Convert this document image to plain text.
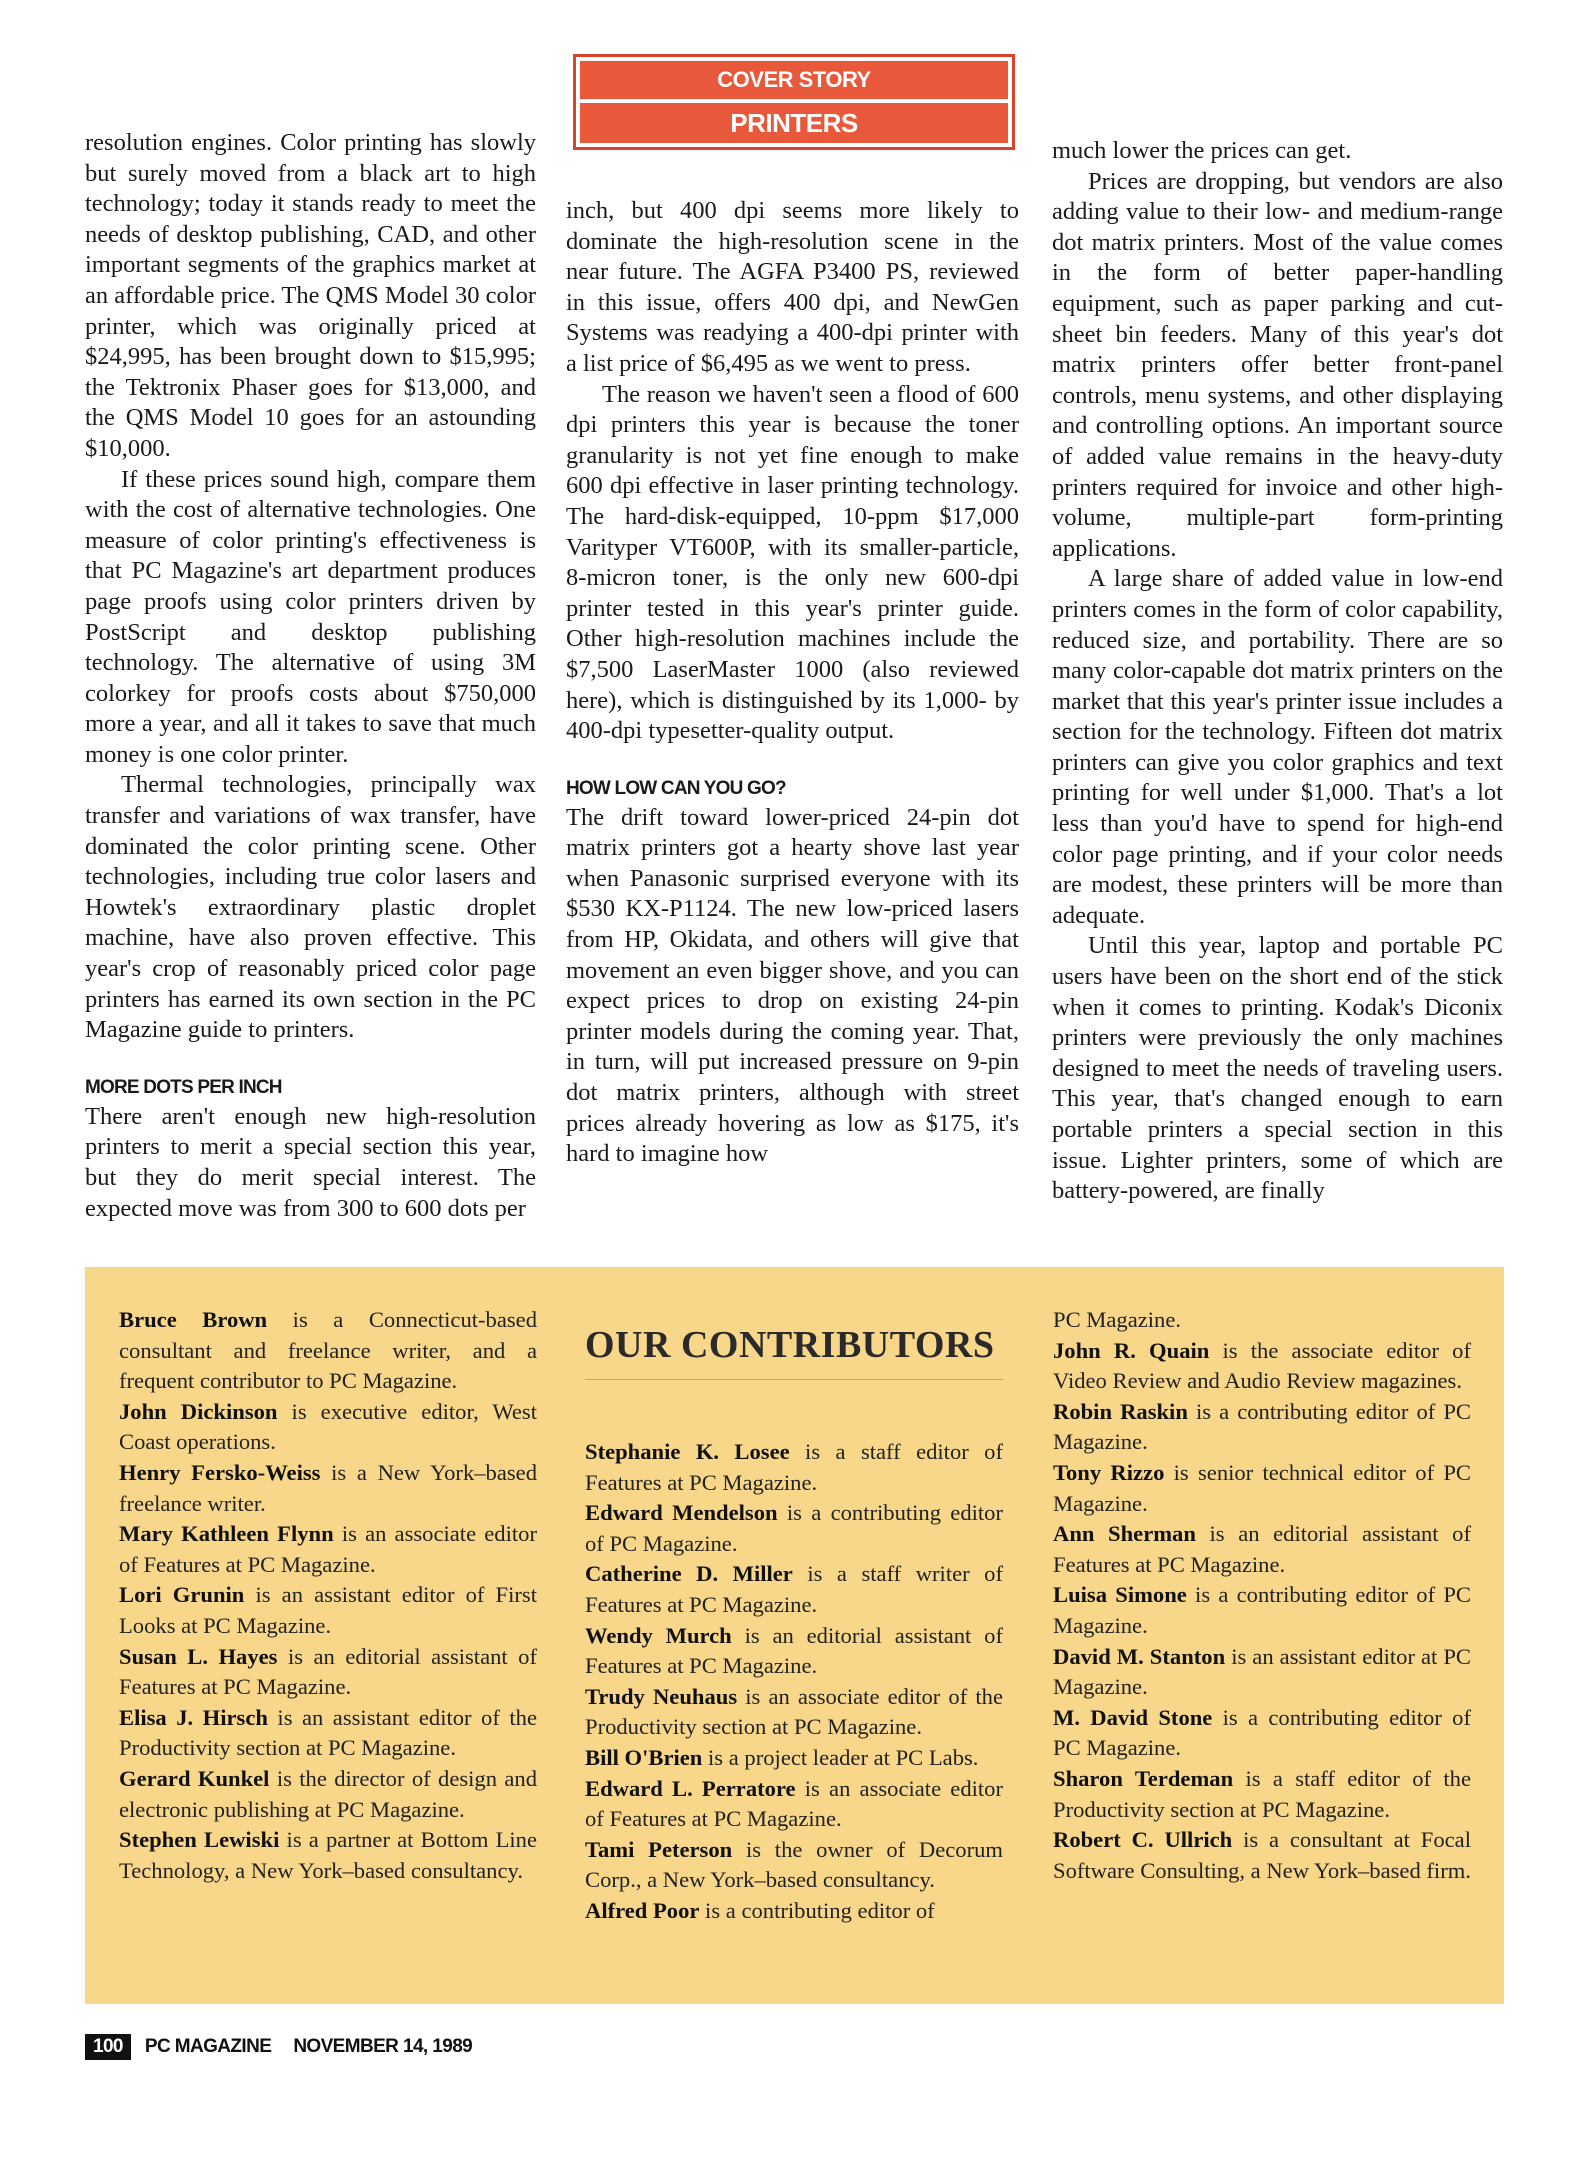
COVER STORY
PRINTERS

resolution engines. Color printing has slowly but surely moved from a black art to high technology; today it stands ready to meet the needs of desktop publishing, CAD, and other important segments of the graphics market at an affordable price. The QMS Model 30 color printer, which was originally priced at $24,995, has been brought down to $15,995; the Tektronix Phaser goes for $13,000, and the QMS Model 10 goes for an astounding $10,000.

If these prices sound high, compare them with the cost of alternative technologies. One measure of color printing's effectiveness is that PC Magazine's art department produces page proofs using color printers driven by PostScript and desktop publishing technology. The alternative of using 3M colorkey for proofs costs about $750,000 more a year, and all it takes to save that much money is one color printer.

Thermal technologies, principally wax transfer and variations of wax transfer, have dominated the color printing scene. Other technologies, including true color lasers and Howtek's extraordinary plastic droplet machine, have also proven effective. This year's crop of reasonably priced color page printers has earned its own section in the PC Magazine guide to printers.

MORE DOTS PER INCH

There aren't enough new high-resolution printers to merit a special section this year, but they do merit special interest. The expected move was from 300 to 600 dots per

inch, but 400 dpi seems more likely to dominate the high-resolution scene in the near future. The AGFA P3400 PS, reviewed in this issue, offers 400 dpi, and NewGen Systems was readying a 400-dpi printer with a list price of $6,495 as we went to press.

The reason we haven't seen a flood of 600 dpi printers this year is because the toner granularity is not yet fine enough to make 600 dpi effective in laser printing technology. The hard-disk-equipped, 10-ppm $17,000 Varityper VT600P, with its smaller-particle, 8-micron toner, is the only new 600-dpi printer tested in this year's printer guide. Other high-resolution machines include the $7,500 LaserMaster 1000 (also reviewed here), which is distinguished by its 1,000- by 400-dpi typesetter-quality output.

HOW LOW CAN YOU GO?

The drift toward lower-priced 24-pin dot matrix printers got a hearty shove last year when Panasonic surprised everyone with its $530 KX-P1124. The new low-priced lasers from HP, Okidata, and others will give that movement an even bigger shove, and you can expect prices to drop on existing 24-pin printer models during the coming year. That, in turn, will put increased pressure on 9-pin dot matrix printers, although with street prices already hovering as low as $175, it's hard to imagine how

much lower the prices can get.

Prices are dropping, but vendors are also adding value to their low- and medium-range dot matrix printers. Most of the value comes in the form of better paper-handling equipment, such as paper parking and cut-sheet bin feeders. Many of this year's dot matrix printers offer better front-panel controls, menu systems, and other displaying and controlling options. An important source of added value remains in the heavy-duty printers required for invoice and other high-volume, multiple-part form-printing applications.

A large share of added value in low-end printers comes in the form of color capability, reduced size, and portability. There are so many color-capable dot matrix printers on the market that this year's printer issue includes a section for the technology. Fifteen dot matrix printers can give you color graphics and text printing for well under $1,000. That's a lot less than you'd have to spend for high-end color page printing, and if your color needs are modest, these printers will be more than adequate.

Until this year, laptop and portable PC users have been on the short end of the stick when it comes to printing. Kodak's Diconix printers were previously the only machines designed to meet the needs of traveling users. This year, that's changed enough to earn portable printers a special section in this issue. Lighter printers, some of which are battery-powered, are finally

Bruce Brown is a Connecticut-based consultant and freelance writer, and a frequent contributor to PC Magazine.

John Dickinson is executive editor, West Coast operations.

Henry Fersko-Weiss is a New York–based freelance writer.

Mary Kathleen Flynn is an associate editor of Features at PC Magazine.

Lori Grunin is an assistant editor of First Looks at PC Magazine.

Susan L. Hayes is an editorial assistant of Features at PC Magazine.

Elisa J. Hirsch is an assistant editor of the Productivity section at PC Magazine.

Gerard Kunkel is the director of design and electronic publishing at PC Magazine.

Stephen Lewiski is a partner at Bottom Line Technology, a New York–based consultancy.

OUR CONTRIBUTORS

Stephanie K. Losee is a staff editor of Features at PC Magazine.

Edward Mendelson is a contributing editor of PC Magazine.

Catherine D. Miller is a staff writer of Features at PC Magazine.

Wendy Murch is an editorial assistant of Features at PC Magazine.

Trudy Neuhaus is an associate editor of the Productivity section at PC Magazine.

Bill O'Brien is a project leader at PC Labs.

Edward L. Perratore is an associate editor of Features at PC Magazine.

Tami Peterson is the owner of Decorum Corp., a New York–based consultancy.

Alfred Poor is a contributing editor of

PC Magazine.

John R. Quain is the associate editor of Video Review and Audio Review magazines.

Robin Raskin is a contributing editor of PC Magazine.

Tony Rizzo is senior technical editor of PC Magazine.

Ann Sherman is an editorial assistant of Features at PC Magazine.

Luisa Simone is a contributing editor of PC Magazine.

David M. Stanton is an assistant editor at PC Magazine.

M. David Stone is a contributing editor of PC Magazine.

Sharon Terdeman is a staff editor of the Productivity section at PC Magazine.

Robert C. Ullrich is a consultant at Focal Software Consulting, a New York–based firm.

100	PC MAGAZINE NOVEMBER 14, 1989
